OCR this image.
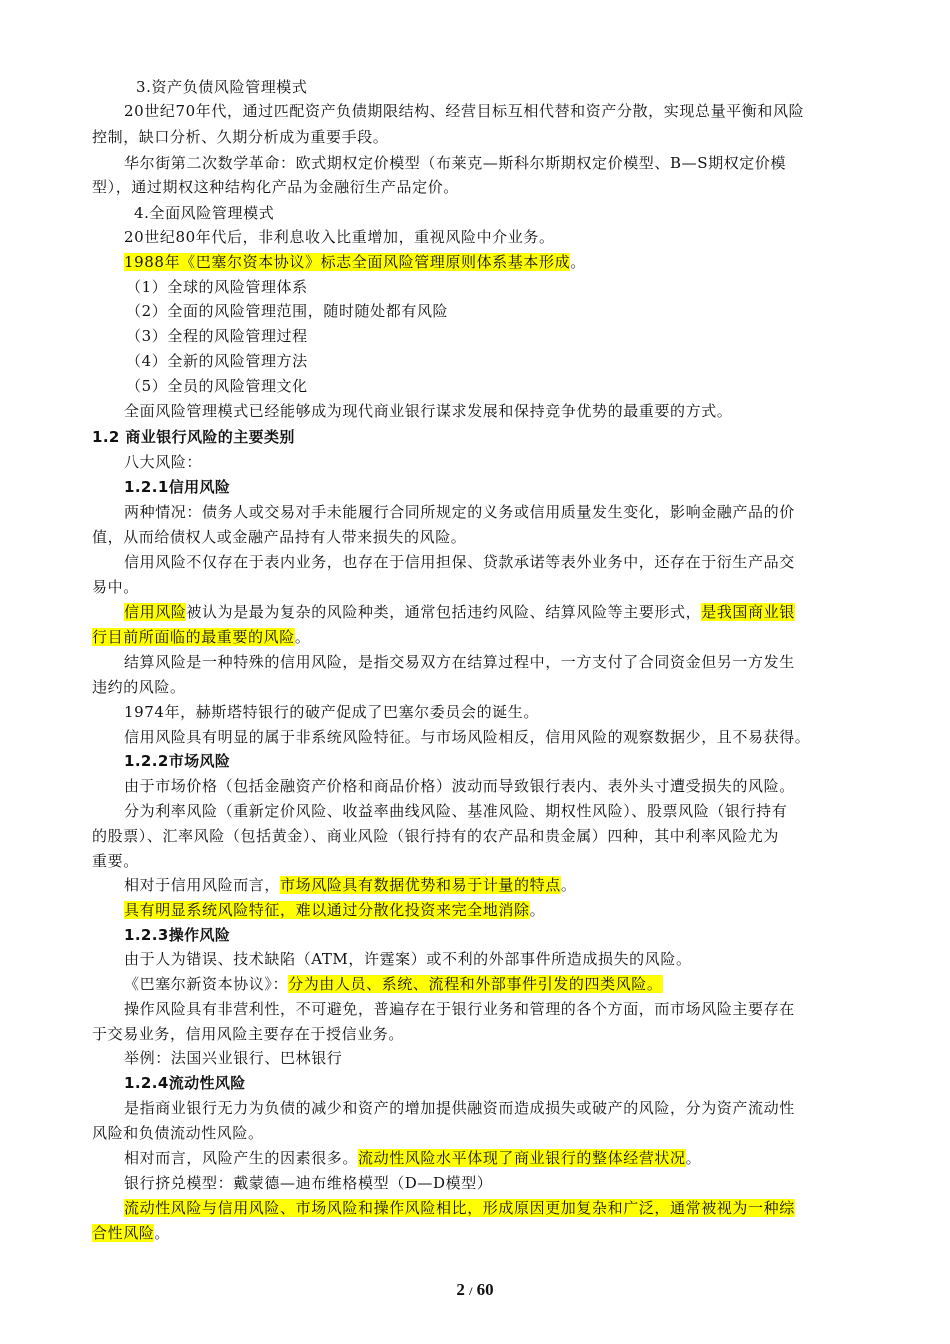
3.资产负债风险管理模式
20世纪70年代，通过匹配资产负债期限结构、经营目标互相代替和资产分散，实现总量平衡和风险
控制，缺口分析、久期分析成为重要手段。
华尔街第二次数学革命：欧式期权定价模型（布莱克—斯科尔斯期权定价模型、B—S期权定价模
型），通过期权这种结构化产品为金融衍生产品定价。
4.全面风险管理模式
20世纪80年代后，非利息收入比重增加，重视风险中介业务。
1988年《巴塞尔资本协议》标志全面风险管理原则体系基本形成。
（1）全球的风险管理体系
（2）全面的风险管理范围，随时随处都有风险
（3）全程的风险管理过程
（4）全新的风险管理方法
（5）全员的风险管理文化
全面风险管理模式已经能够成为现代商业银行谋求发展和保持竞争优势的最重要的方式。
1.2 商业银行风险的主要类别
八大风险：
1.2.1信用风险
两种情况：债务人或交易对手未能履行合同所规定的义务或信用质量发生变化，影响金融产品的价
值，从而给债权人或金融产品持有人带来损失的风险。
信用风险不仅存在于表内业务，也存在于信用担保、贷款承诺等表外业务中，还存在于衍生产品交
易中。
信用风险被认为是最为复杂的风险种类，通常包括违约风险、结算风险等主要形式，是我国商业银
行目前所面临的最重要的风险。
结算风险是一种特殊的信用风险，是指交易双方在结算过程中，一方支付了合同资金但另一方发生
违约的风险。
1974年，赫斯塔特银行的破产促成了巴塞尔委员会的诞生。
信用风险具有明显的属于非系统风险特征。与市场风险相反，信用风险的观察数据少，且不易获得。
1.2.2市场风险
由于市场价格（包括金融资产价格和商品价格）波动而导致银行表内、表外头寸遭受损失的风险。
分为利率风险（重新定价风险、收益率曲线风险、基准风险、期权性风险）、股票风险（银行持有
的股票）、汇率风险（包括黄金）、商业风险（银行持有的农产品和贵金属）四种，其中利率风险尤为
重要。
相对于信用风险而言，市场风险具有数据优势和易于计量的特点。
具有明显系统风险特征，难以通过分散化投资来完全地消除。
1.2.3操作风险
由于人为错误、技术缺陷（ATM，许霆案）或不利的外部事件所造成损失的风险。
《巴塞尔新资本协议》：分为由人员、系统、流程和外部事件引发的四类风险。
操作风险具有非营利性，不可避免，普遍存在于银行业务和管理的各个方面，而市场风险主要存在
于交易业务，信用风险主要存在于授信业务。
举例：法国兴业银行、巴林银行
1.2.4流动性风险
是指商业银行无力为负债的减少和资产的增加提供融资而造成损失或破产的风险，分为资产流动性
风险和负债流动性风险。
相对而言，风险产生的因素很多。流动性风险水平体现了商业银行的整体经营状况。
银行挤兑模型：戴蒙德—迪布维格模型（D—D模型）
流动性风险与信用风险、市场风险和操作风险相比，形成原因更加复杂和广泛，通常被视为一种综
合性风险。
2 / 60
